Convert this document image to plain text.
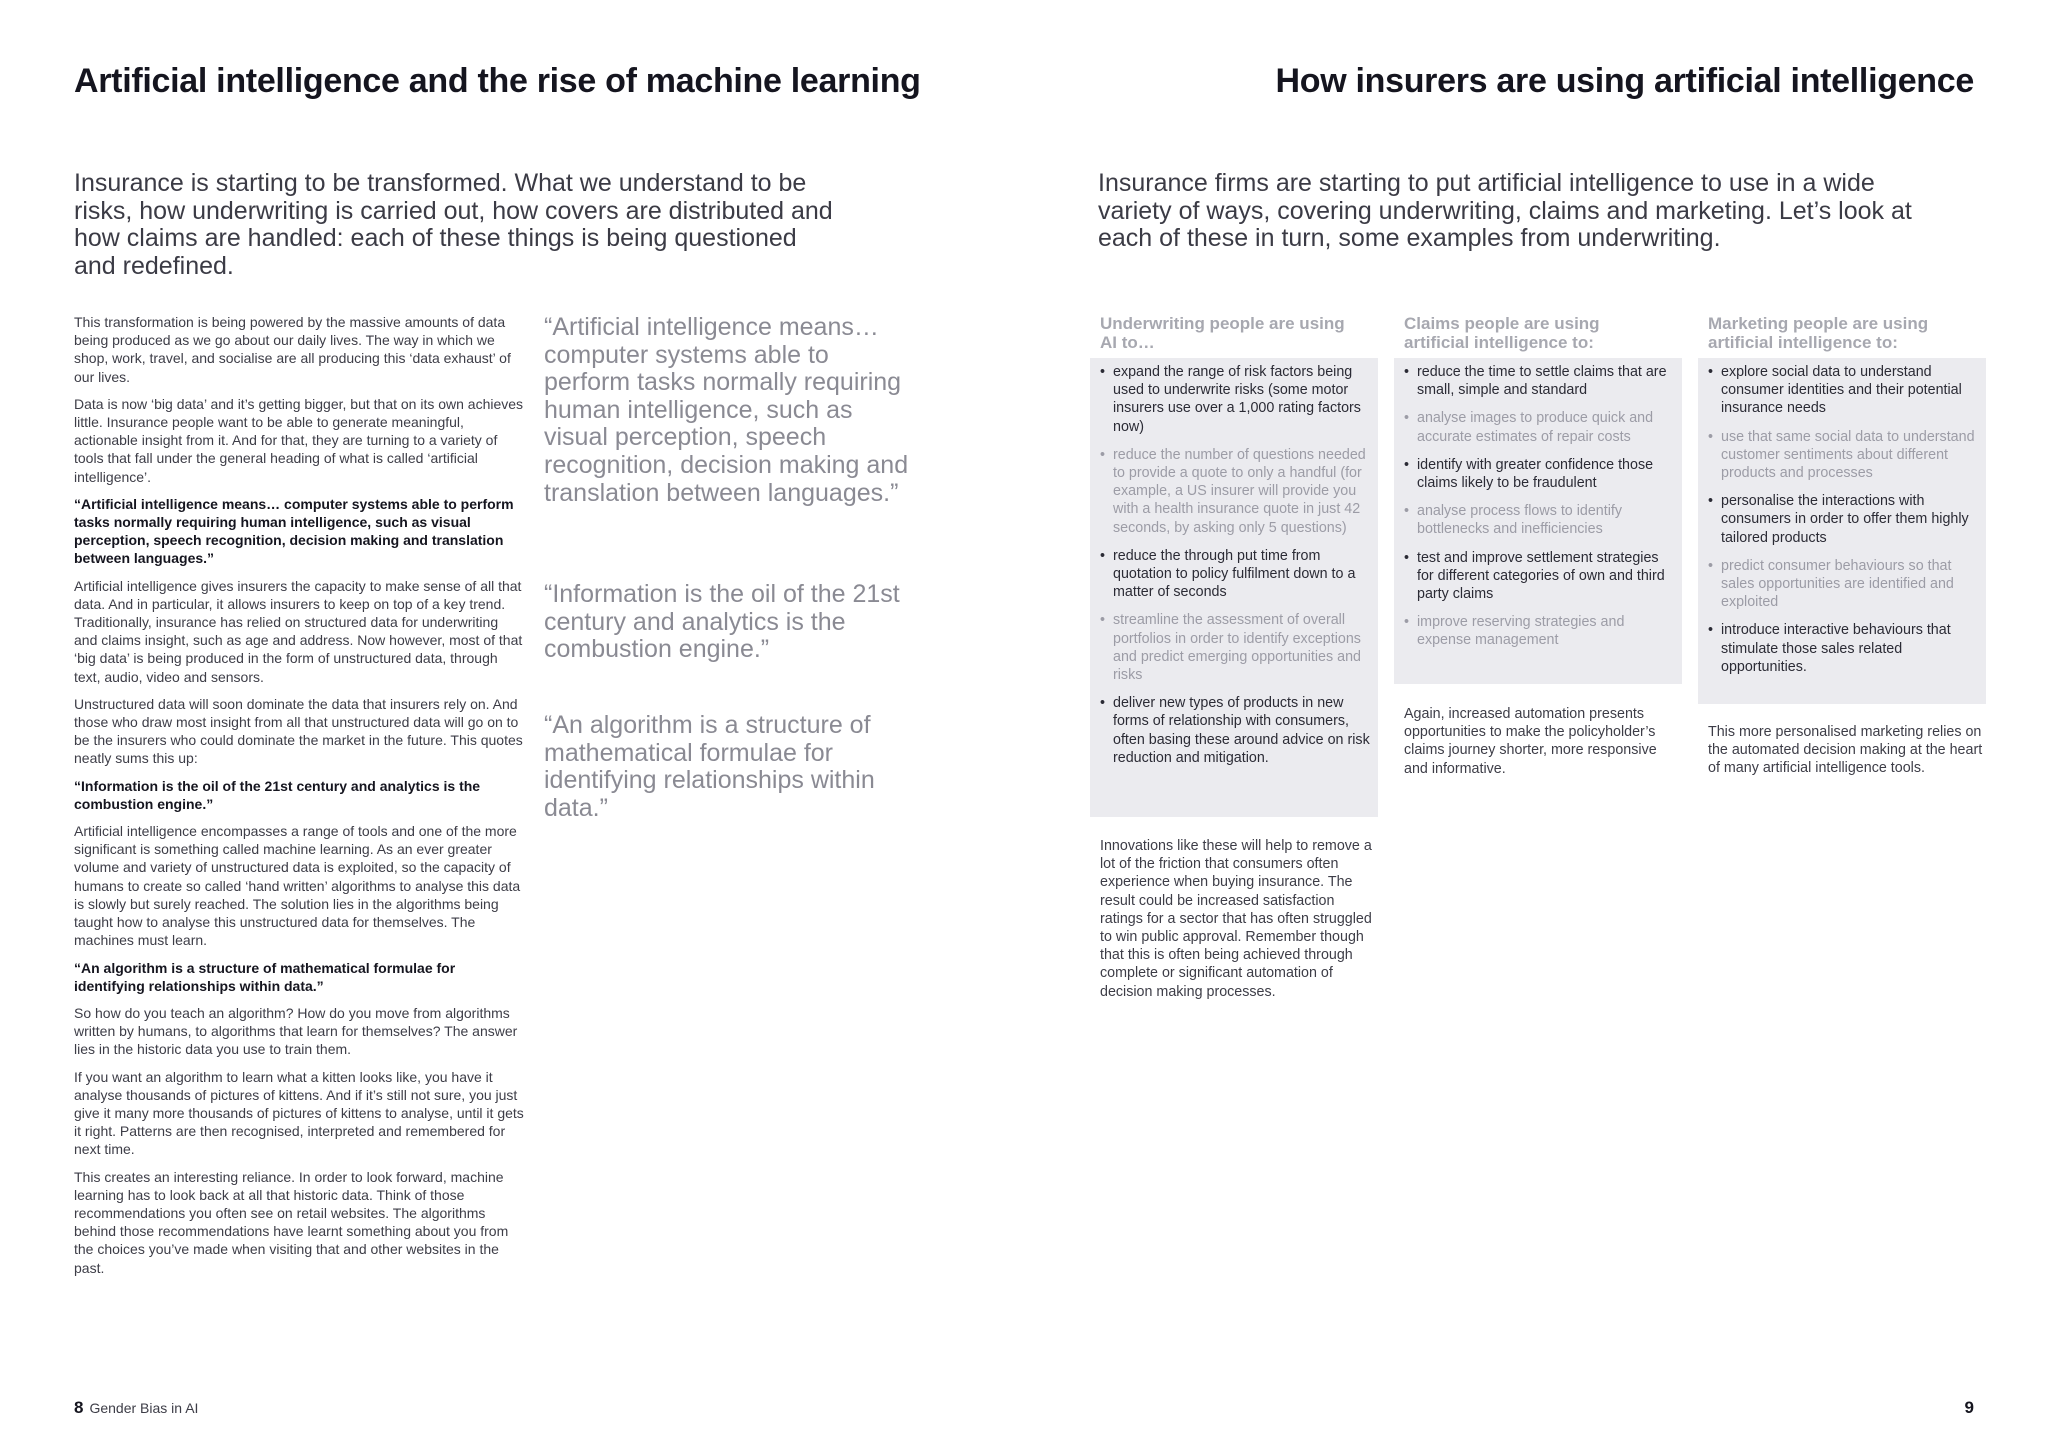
Artificial intelligence and the rise of machine learning

Insurance is starting to be transformed. What we understand to be risks, how underwriting is carried out, how covers are distributed and how claims are handled: each of these things is being questioned and redefined.

This transformation is being powered by the massive amounts of data being produced as we go about our daily lives. The way in which we shop, work, travel, and socialise are all producing this ‘data exhaust’ of our lives.

Data is now ‘big data’ and it’s getting bigger, but that on its own achieves little. Insurance people want to be able to generate meaningful, actionable insight from it. And for that, they are turning to a variety of tools that fall under the general heading of what is called ‘artificial intelligence’.

“Artificial intelligence means… computer systems able to perform tasks normally requiring human intelligence, such as visual perception, speech recognition, decision making and translation between languages.”

Artificial intelligence gives insurers the capacity to make sense of all that data. And in particular, it allows insurers to keep on top of a key trend. Traditionally, insurance has relied on structured data for underwriting and claims insight, such as age and address. Now however, most of that ‘big data’ is being produced in the form of unstructured data, through text, audio, video and sensors.

Unstructured data will soon dominate the data that insurers rely on. And those who draw most insight from all that unstructured data will go on to be the insurers who could dominate the market in the future. This quotes neatly sums this up:

“Information is the oil of the 21st century and analytics is the combustion engine.”

Artificial intelligence encompasses a range of tools and one of the more significant is something called machine learning. As an ever greater volume and variety of unstructured data is exploited, so the capacity of humans to create so called ‘hand written’ algorithms to analyse this data is slowly but surely reached. The solution lies in the algorithms being taught how to analyse this unstructured data for themselves. The machines must learn.

“An algorithm is a structure of mathematical formulae for identifying relationships within data.”

So how do you teach an algorithm? How do you move from algorithms written by humans, to algorithms that learn for themselves? The answer lies in the historic data you use to train them.

If you want an algorithm to learn what a kitten looks like, you have it analyse thousands of pictures of kittens. And if it’s still not sure, you just give it many more thousands of pictures of kittens to analyse, until it gets it right. Patterns are then recognised, interpreted and remembered for next time.

This creates an interesting reliance. In order to look forward, machine learning has to look back at all that historic data. Think of those recommendations you often see on retail websites. The algorithms behind those recommendations have learnt something about you from the choices you’ve made when visiting that and other websites in the past.

“Artificial intelligence means… computer systems able to perform tasks normally requiring human intelligence, such as visual perception, speech recognition, decision making and translation between languages.”

“Information is the oil of the 21st century and analytics is the combustion engine.”

“An algorithm is a structure of mathematical formulae for identifying relationships within data.”

8 Gender Bias in AI
How insurers are using artificial intelligence

Insurance firms are starting to put artificial intelligence to use in a wide variety of ways, covering underwriting, claims and marketing. Let’s look at each of these in turn, some examples from underwriting.

Underwriting people are using AI to…

• expand the range of risk factors being used to underwrite risks (some motor insurers use over a 1,000 rating factors now)
• reduce the number of questions needed to provide a quote to only a handful (for example, a US insurer will provide you with a health insurance quote in just 42 seconds, by asking only 5 questions)
• reduce the through put time from quotation to policy fulfilment down to a matter of seconds
• streamline the assessment of overall portfolios in order to identify exceptions and predict emerging opportunities and risks
• deliver new types of products in new forms of relationship with consumers, often basing these around advice on risk reduction and mitigation.

Innovations like these will help to remove a lot of the friction that consumers often experience when buying insurance. The result could be increased satisfaction ratings for a sector that has often struggled to win public approval. Remember though that this is often being achieved through complete or significant automation of decision making processes.

Claims people are using artificial intelligence to:

• reduce the time to settle claims that are small, simple and standard
• analyse images to produce quick and accurate estimates of repair costs
• identify with greater confidence those claims likely to be fraudulent
• analyse process flows to identify bottlenecks and inefficiencies
• test and improve settlement strategies for different categories of own and third party claims
• improve reserving strategies and expense management

Again, increased automation presents opportunities to make the policyholder’s claims journey shorter, more responsive and informative.

Marketing people are using artificial intelligence to:

• explore social data to understand consumer identities and their potential insurance needs
• use that same social data to understand customer sentiments about different products and processes
• personalise the interactions with consumers in order to offer them highly tailored products
• predict consumer behaviours so that sales opportunities are identified and exploited
• introduce interactive behaviours that stimulate those sales related opportunities.

This more personalised marketing relies on the automated decision making at the heart of many artificial intelligence tools.

9
